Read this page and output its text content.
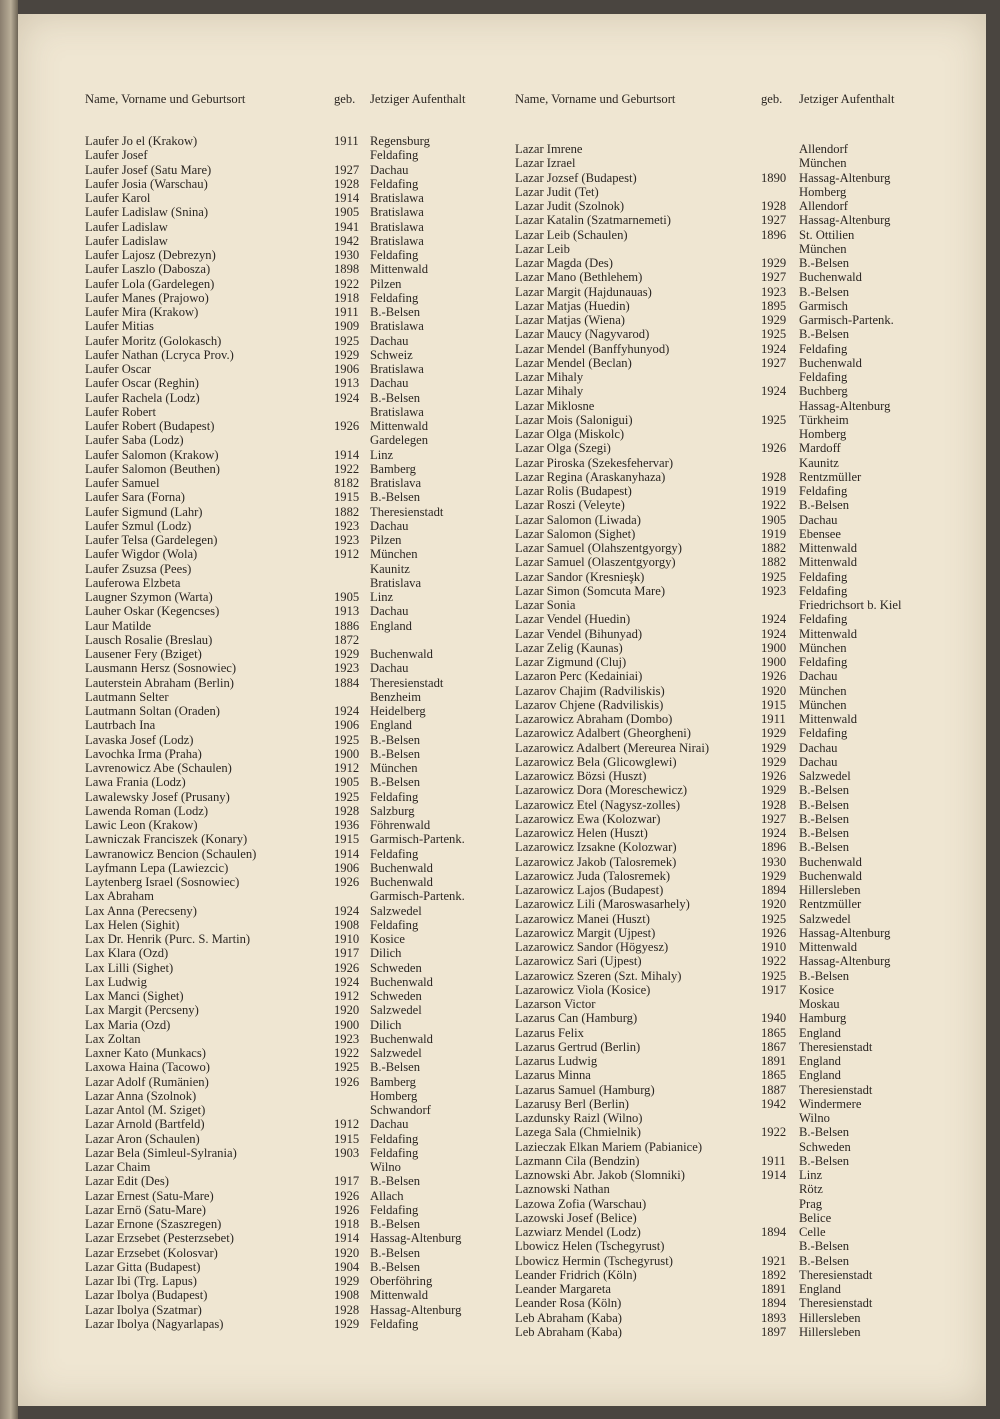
Name, Vorname und Geburtsort	geb. Jetziger Aufenthalt
Laufer Jo el (Krakow)	1911 Regensburg
Laufer Josef	Feldafing
Laufer Josef (Satu Mare)	1927 Dachau
Laufer Josia (Warschau)	1928 Feldafing
Laufer Karol	1914 Bratislawa
Laufer Ladislaw (Snina)	1905 Bratislawa
Laufer Ladislaw	1941 Bratislawa
Laufer Ladislaw	1942 Bratislawa
Laufer Lajosz (Debrezyn)	1930 Feldafing
Laufer Laszlo (Dabosza)	1898 Mittenwald
Laufer Lola (Gardelegen)	1922 Pilzen
Laufer Manes (Prajowo)	1918 Feldafing
Laufer Mira (Krakow)	1911 B.-Belsen
Laufer Mitias	1909 Bratislawa
Laufer Moritz (Golokasch)	1925 Dachau
Laufer Nathan (Lcryca Prov.)	1929 Schweiz
Laufer Oscar	1906 Bratislawa
Laufer Oscar (Reghin)	1913 Dachau
Laufer Rachela (Lodz)	1924 B.-Belsen
Laufer Robert	Bratislawa
Laufer Robert (Budapest)	1926 Mittenwald
Laufer Saba (Lodz)	Gardelegen
Laufer Salomon (Krakow)	1914 Linz
Laufer Salomon (Beuthen)	1922 Bamberg
Laufer Samuel	8182 Bratislava
Laufer Sara (Forna)	1915 B.-Belsen
Laufer Sigmund (Lahr)	1882 Theresienstadt
Laufer Szmul (Lodz)	1923 Dachau
Laufer Telsa (Gardelegen)	1923 Pilzen
Laufer Wigdor (Wola)	1912 München
Laufer Zsuzsa (Pees)	Kaunitz
Lauferowa Elzbeta	Bratislava
Laugner Szymon (Warta)	1905 Linz
Lauher Oskar (Kegencses)	1913 Dachau
Laur Matilde	1886 England
Lausch Rosalie (Breslau)	1872
Lausener Fery (Bziget)	1929 Buchenwald
Lausmann Hersz (Sosnowiec)	1923 Dachau
Lauterstein Abraham (Berlin)	1884 Theresienstadt
Lautmann Selter	Benzheim
Lautmann Soltan (Oraden)	1924 Heidelberg
Lautrbach Ina	1906 England
Lavaska Josef (Lodz)	1925 B.-Belsen
Lavochka Irma (Praha)	1900 B.-Belsen
Lavrenowicz Abe (Schaulen)	1912 München
Lawa Frania (Lodz)	1905 B.-Belsen
Lawalewsky Josef (Prusany)	1925 Feldafing
Lawenda Roman (Lodz)	1928 Salzburg
Lawic Leon (Krakow)	1936 Föhrenwald
Lawniczak Franciszek (Konary)	1915 Garmisch-Partenk.
Lawranowicz Bencion (Schaulen)	1914 Feldafing
Layfmann Lepa (Lawiezcic)	1906 Buchenwald
Laytenberg Israel (Sosnowiec)	1926 Buchenwald
Lax Abraham	Garmisch-Partenk.
Lax Anna (Perecseny)	1924 Salzwedel
Lax Helen (Sighit)	1908 Feldafing
Lax Dr. Henrik (Purc. S. Martin)	1910 Kosice
Lax Klara (Ozd)	1917 Dilich
Lax Lilli (Sighet)	1926 Schweden
Lax Ludwig	1924 Buchenwald
Lax Manci (Sighet)	1912 Schweden
Lax Margit (Percseny)	1920 Salzwedel
Lax Maria (Ozd)	1900 Dilich
Lax Zoltan	1923 Buchenwald
Laxner Kato (Munkacs)	1922 Salzwedel
Laxowa Haina (Tacowo)	1925 B.-Belsen
Lazar Adolf (Rumänien)	1926 Bamberg
Lazar Anna (Szolnok)	Homberg
Lazar Antol (M. Sziget)	Schwandorf
Lazar Arnold (Bartfeld)	1912 Dachau
Lazar Aron (Schaulen)	1915 Feldafing
Lazar Bela (Simleul-Sylrania)	1903 Feldafing
Lazar Chaim	Wilno
Lazar Edit (Des)	1917 B.-Belsen
Lazar Ernest (Satu-Mare)	1926 Allach
Lazar Ernö (Satu-Mare)	1926 Feldafing
Lazar Ernone (Szaszregen)	1918 B.-Belsen
Lazar Erzsebet (Pesterzsebet)	1914 Hassag-Altenburg
Lazar Erzsebet (Kolosvar)	1920 B.-Belsen
Lazar Gitta (Budapest)	1904 B.-Belsen
Lazar Ibi (Trg. Lapus)	1929 Oberföhring
Lazar Ibolya (Budapest)	1908 Mittenwald
Lazar Ibolya (Szatmar)	1928 Hassag-Altenburg
Lazar Ibolya (Nagyarlapas)	1929 Feldafing
Name, Vorname und Geburtsort	geb. Jetziger Aufenthalt
Lazar Imrene	Allendorf
Lazar Izrael	München
Lazar Jozsef (Budapest)	1890 Hassag-Altenburg
Lazar Judit (Tet)	Homberg
Lazar Judit (Szolnok)	1928 Allendorf
Lazar Katalin (Szatmarnemeti)	1927 Hassag-Altenburg
Lazar Leib (Schaulen)	1896 St. Ottilien
Lazar Leib	München
Lazar Magda (Des)	1929 B.-Belsen
Lazar Mano (Bethlehem)	1927 Buchenwald
Lazar Margit (Hajdunauas)	1923 B.-Belsen
Lazar Matjas (Huedin)	1895 Garmisch
Lazar Matjas (Wiena)	1929 Garmisch-Partenk.
Lazar Maucy (Nagyvarod)	1925 B.-Belsen
Lazar Mendel (Banffyhunyod)	1924 Feldafing
Lazar Mendel (Beclan)	1927 Buchenwald
Lazar Mihaly	Feldafing
Lazar Mihaly	1924 Buchberg
Lazar Miklosne	Hassag-Altenburg
Lazar Mois (Salonigui)	1925 Türkheim
Lazar Olga (Miskolc)	Homberg
Lazar Olga (Szegi)	1926 Mardoff
Lazar Piroska (Szekesfehervar)	Kaunitz
Lazar Regina (Araskanyhaza)	1928 Rentzmüller
Lazar Rolis (Budapest)	1919 Feldafing
Lazar Roszi (Veleyte)	1922 B.-Belsen
Lazar Salomon (Liwada)	1905 Dachau
Lazar Salomon (Sighet)	1919 Ebensee
Lazar Samuel (Olahszentgyorgy)	1882 Mittenwald
Lazar Samuel (Olaszentgyorgy)	1882 Mittenwald
Lazar Sandor (Kresnieşk)	1925 Feldafing
Lazar Simon (Somcuta Mare)	1923 Feldafing
Lazar Sonia	Friedrichsort b. Kiel
Lazar Vendel (Huedin)	1924 Feldafing
Lazar Vendel (Bihunyad)	1924 Mittenwald
Lazar Zelig (Kaunas)	1900 München
Lazar Zigmund (Cluj)	1900 Feldafing
Lazaron Perc (Kedainiai)	1926 Dachau
Lazarov Chajim (Radviliskis)	1920 München
Lazarov Chjene (Radviliskis)	1915 München
Lazarowicz Abraham (Dombo)	1911 Mittenwald
Lazarowicz Adalbert (Gheorgheni)	1929 Feldafing
Lazarowicz Adalbert (Mereurea Nirai)	1929 Dachau
Lazarowicz Bela (Glicowglewi)	1929 Dachau
Lazarowicz Bözsi (Huszt)	1926 Salzwedel
Lazarowicz Dora (Moreschewicz)	1929 B.-Belsen
Lazarowicz Etel (Nagysz-zolles)	1928 B.-Belsen
Lazarowicz Ewa (Kolozwar)	1927 B.-Belsen
Lazarowicz Helen (Huszt)	1924 B.-Belsen
Lazarowicz Izsakne (Kolozwar)	1896 B.-Belsen
Lazarowicz Jakob (Talosremek)	1930 Buchenwald
Lazarowicz Juda (Talosremek)	1929 Buchenwald
Lazarowicz Lajos (Budapest)	1894 Hillersleben
Lazarowicz Lili (Maroswasarhely)	1920 Rentzmüller
Lazarowicz Manei (Huszt)	1925 Salzwedel
Lazarowicz Margit (Ujpest)	1926 Hassag-Altenburg
Lazarowicz Sandor (Högyesz)	1910 Mittenwald
Lazarowicz Sari (Ujpest)	1922 Hassag-Altenburg
Lazarowicz Szeren (Szt. Mihaly)	1925 B.-Belsen
Lazarowicz Viola (Kosice)	1917 Kosice
Lazarson Victor	Moskau
Lazarus Can (Hamburg)	1940 Hamburg
Lazarus Felix	1865 England
Lazarus Gertrud (Berlin)	1867 Theresienstadt
Lazarus Ludwig	1891 England
Lazarus Minna	1865 England
Lazarus Samuel (Hamburg)	1887 Theresienstadt
Lazarusy Berl (Berlin)	1942 Windermere
Lazdunsky Raizl (Wilno)	Wilno
Lazega Sala (Chmielnik)	1922 B.-Belsen
Lazieczak Elkan Mariem (Pabianice)	Schweden
Lazmann Cila (Bendzin)	1911 B.-Belsen
Laznowski Abr. Jakob (Slomniki)	1914 Linz
Laznowski Nathan	Rötz
Lazowa Zofia (Warschau)	Prag
Lazowski Josef (Belice)	Belice
Lazwiarz Mendel (Lodz)	1894 Celle
Lbowicz Helen (Tschegyrust)	B.-Belsen
Lbowicz Hermin (Tschegyrust)	1921 B.-Belsen
Leander Fridrich (Köln)	1892 Theresienstadt
Leander Margareta	1891 England
Leander Rosa (Köln)	1894 Theresienstadt
Leb Abraham (Kaba)	1893 Hillersleben
Leb Abraham (Kaba)	1897 Hillersleben
